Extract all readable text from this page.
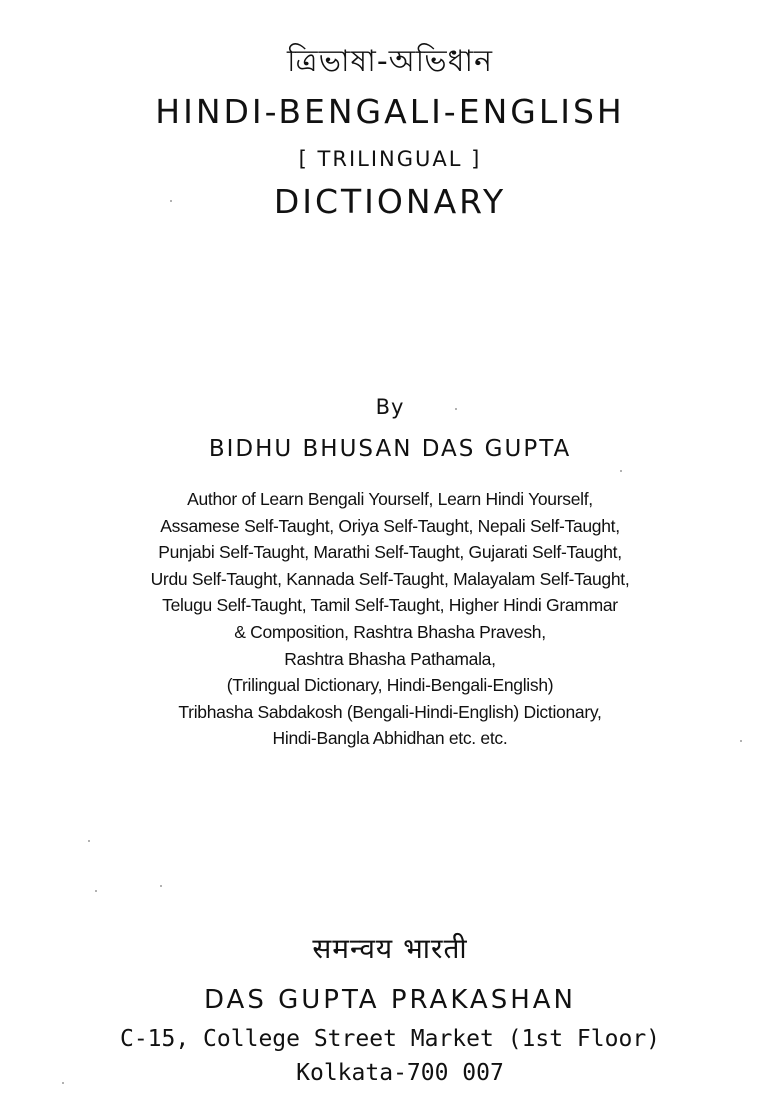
ত্রিভাষা-অভিধান
HINDI-BENGALI-ENGLISH
[ TRILINGUAL ]
DICTIONARY
By
BIDHU BHUSAN DAS GUPTA
Author of Learn Bengali Yourself, Learn Hindi Yourself,
Assamese Self-Taught, Oriya Self-Taught, Nepali Self-Taught,
Punjabi Self-Taught, Marathi Self-Taught, Gujarati Self-Taught,
Urdu Self-Taught, Kannada Self-Taught, Malayalam Self-Taught,
Telugu Self-Taught, Tamil Self-Taught, Higher Hindi Grammar
& Composition, Rashtra Bhasha Pravesh,
Rashtra Bhasha Pathamala,
(Trilingual Dictionary, Hindi-Bengali-English)
Tribhasha Sabdakosh (Bengali-Hindi-English) Dictionary,
Hindi-Bangla Abhidhan etc. etc.
समन्वय भारती
DAS GUPTA PRAKASHAN
C-15, College Street Market (1st Floor)
Kolkata-700 007
